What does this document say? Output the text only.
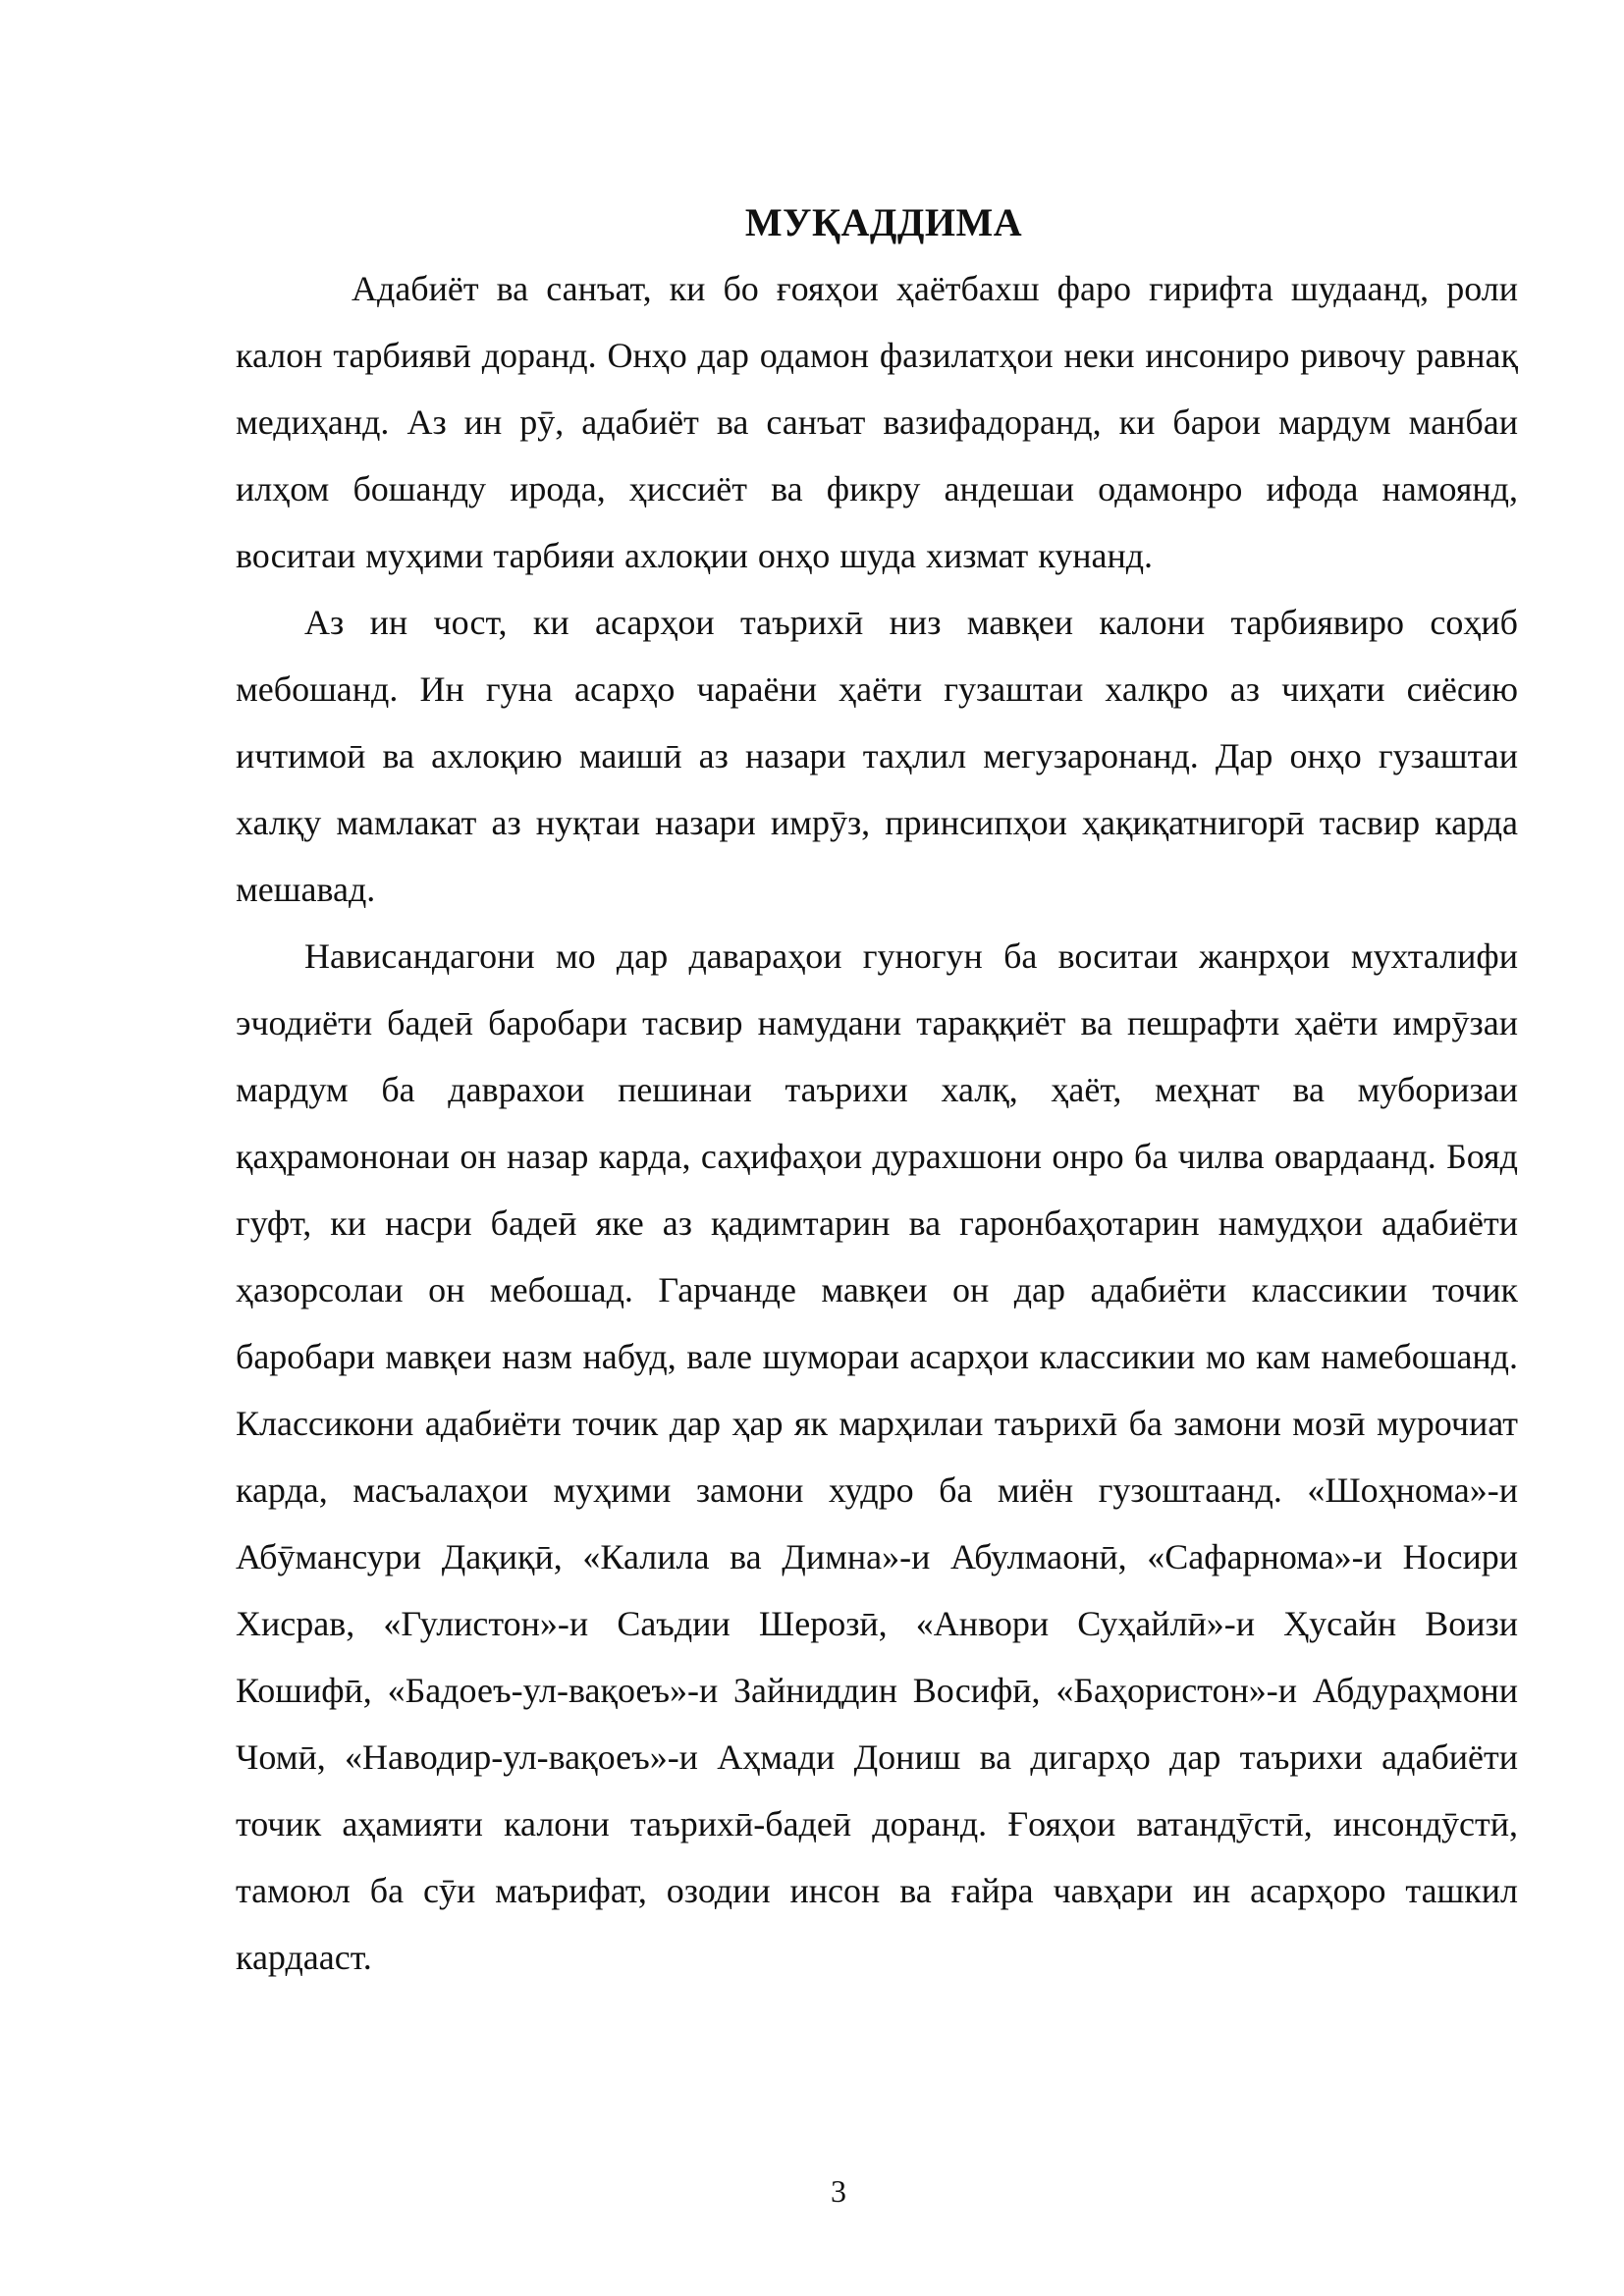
МУҚАДДИМА

Адабиёт ва санъат, ки бо ғояҳои ҳаётбахш фаро гирифта шудаанд, роли калон тарбиявӣ доранд. Онҳо дар одамон фазилатҳои неки инсониро ривочу равнақ медиҳанд. Аз ин рӯ, адабиёт ва санъат вазифадоранд, ки барои мардум манбаи илҳом бошанду ирода, ҳиссиёт ва фикру андешаи одамонро ифода намоянд, воситаи муҳими тарбияи ахлоқии онҳо шуда хизмат кунанд.

Аз ин чост, ки асарҳои таърихӣ низ мавқеи калони тарбиявиро соҳиб мебошанд. Ин гуна асарҳо чараёни ҳаёти гузаштаи халқро аз чиҳати сиёсию ичтимоӣ ва ахлоқию маишӣ аз назари таҳлил мегузаронанд. Дар онҳо гузаштаи халқу мамлакат аз нуқтаи назари имрӯз, принсипҳои ҳақиқатнигорӣ тасвир карда мешавад.

Нависандагони мо дар даваpаҳои гуногун ба воситаи жанрҳои мухталифи эчодиёти бадеӣ баробари тасвир намудани тараққиёт ва пешрафти ҳаёти имрӯзаи мардум ба даврахои пешинаи таърихи халқ, ҳаёт, меҳнат ва муборизаи қаҳрамононаи он назар карда, саҳифаҳои дурахшони онро ба чилва овардаанд. Бояд гуфт, ки насри бадеӣ яке аз қадимтарин ва гаронбаҳотарин намудҳои адабиёти ҳазорсолаи он мебошад. Гарчанде мавқеи он дар адабиёти классикии точик баробари мавқеи назм набуд, вале шумораи асарҳои классикии мо кам намебошанд. Классикони адабиёти точик дар ҳар як марҳилаи таърихӣ ба замони мозӣ мурочиат карда, масъалаҳои муҳими замони худро ба миён гузоштаанд. «Шоҳнома»-и Абӯмансури Дақиқӣ, «Калила ва Димна»-и Абулмаонӣ, «Сафарнома»-и Носири Хисрав, «Гулистон»-и Саъдии Шерозӣ, «Анвори Суҳайлӣ»-и Ҳусайн Воизи Кошифӣ, «Бадоеъ-ул-вақоеъ»-и Зайниддин Восифӣ, «Баҳористон»-и Абдураҳмони Чомӣ, «Наводир-ул-вақоеъ»-и Аҳмади Дониш ва дигарҳо дар таърихи адабиёти точик аҳамияти калони таърихӣ-бадеӣ доранд. Ғояҳои ватандӯстӣ, инсондӯстӣ, тамоюл ба сӯи маърифат, озодии инсон ва ғайра чавҳари ин асарҳоро ташкил кардааст.

3
